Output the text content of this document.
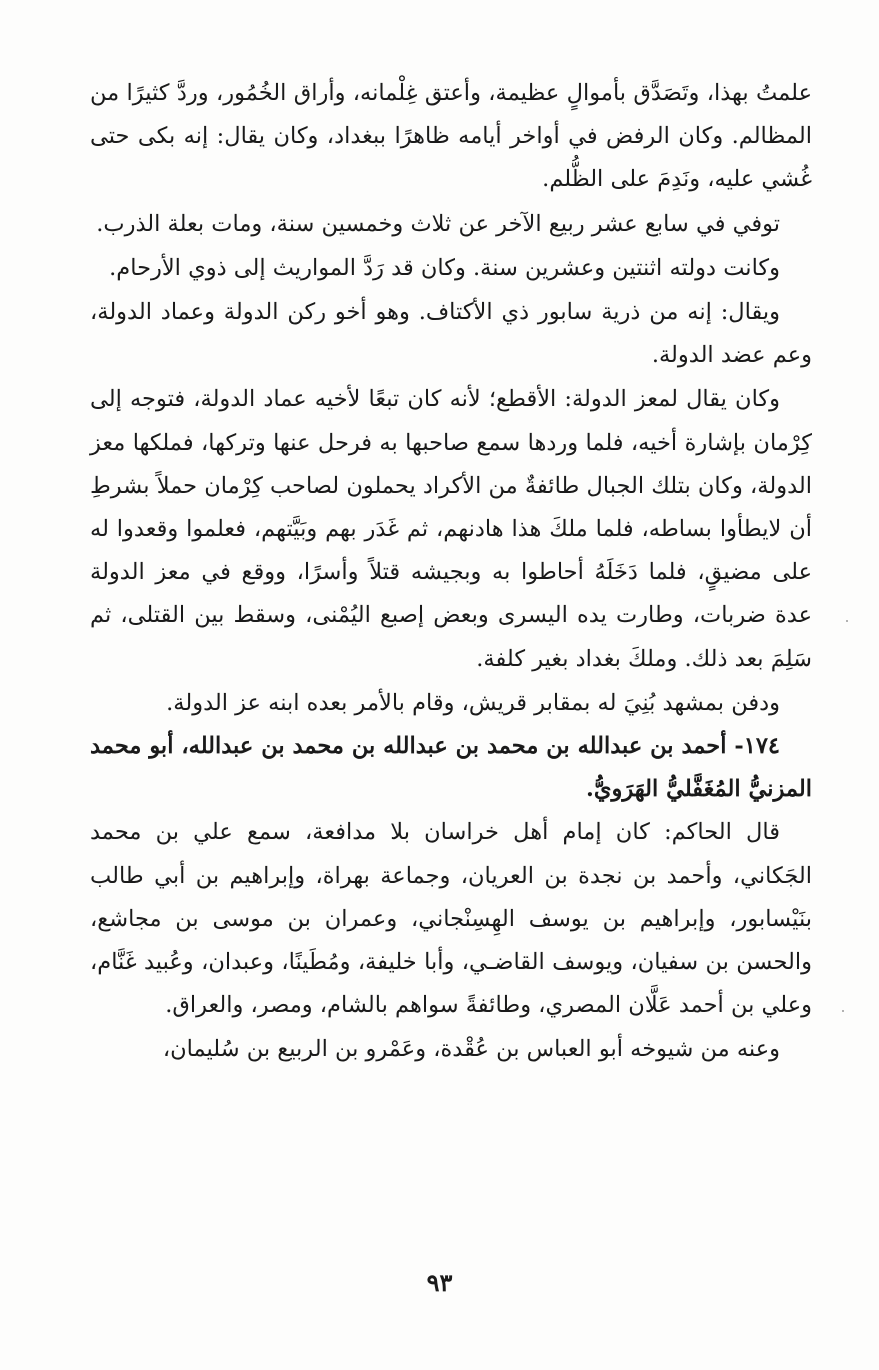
علمتُ بهذا، وتَصَدَّق بأموالٍ عظيمة، وأعتق غِلْمانه، وأراق الخُمُور، وردَّ كثيرًا من المظالم. وكان الرفض في أواخر أيامه ظاهرًا ببغداد، وكان يقال: إنه بكى حتى غُشي عليه، ونَدِمَ على الظُّلم.

توفي في سابع عشر ربيع الآخر عن ثلاث وخمسين سنة، ومات بعلة الذرب.

وكانت دولته اثنتين وعشرين سنة. وكان قد رَدَّ المواريث إلى ذوي الأرحام.

ويقال: إنه من ذرية سابور ذي الأكتاف. وهو أخو ركن الدولة وعماد الدولة، وعم عضد الدولة.

وكان يقال لمعز الدولة: الأقطع؛ لأنه كان تبعًا لأخيه عماد الدولة، فتوجه إلى كِرْمان بإشارة أخيه، فلما وردها سمع صاحبها به فرحل عنها وتركها، فملكها معز الدولة، وكان بتلك الجبال طائفةٌ من الأكراد يحملون لصاحب كِرْمان حملاً بشرطِ أن لايطأوا بساطه، فلما ملكَ هذا هادنهم، ثم غَدَر بهم وبَيَّتهم، فعلموا وقعدوا له على مضيقٍ، فلما دَخَلَهُ أحاطوا به وبجيشه قتلاً وأسرًا، ووقع في معز الدولة عدة ضربات، وطارت يده اليسرى وبعض إصبع اليُمْنى، وسقط بين القتلى، ثم سَلِمَ بعد ذلك. وملكَ بغداد بغير كلفة.

ودفن بمشهد بُنِيَ له بمقابر قريش، وقام بالأمر بعده ابنه عز الدولة.

١٧٤- أحمد بن عبدالله بن محمد بن عبدالله بن محمد بن عبدالله، أبو محمد المزنيُّ المُغَفَّليُّ الهَرَويُّ.

قال الحاكم: كان إمام أهل خراسان بلا مدافعة، سمع علي بن محمد الجَكاني، وأحمد بن نجدة بن العريان، وجماعة بهراة، وإبراهيم بن أبي طالب بنَيْسابور، وإبراهيم بن يوسف الهِسِنْجاني، وعمران بن موسى بن مجاشع، والحسن بن سفيان، ويوسف القاضـي، وأبا خليفة، ومُطَينًا، وعبدان، وعُبيد غَنَّام، وعلي بن أحمد عَلَّان المصري، وطائفةً سواهم بالشام، ومصر، والعراق.

وعنه من شيوخه أبو العباس بن عُقْدة، وعَمْرو بن الربيع بن سُليمان،

٩٣
